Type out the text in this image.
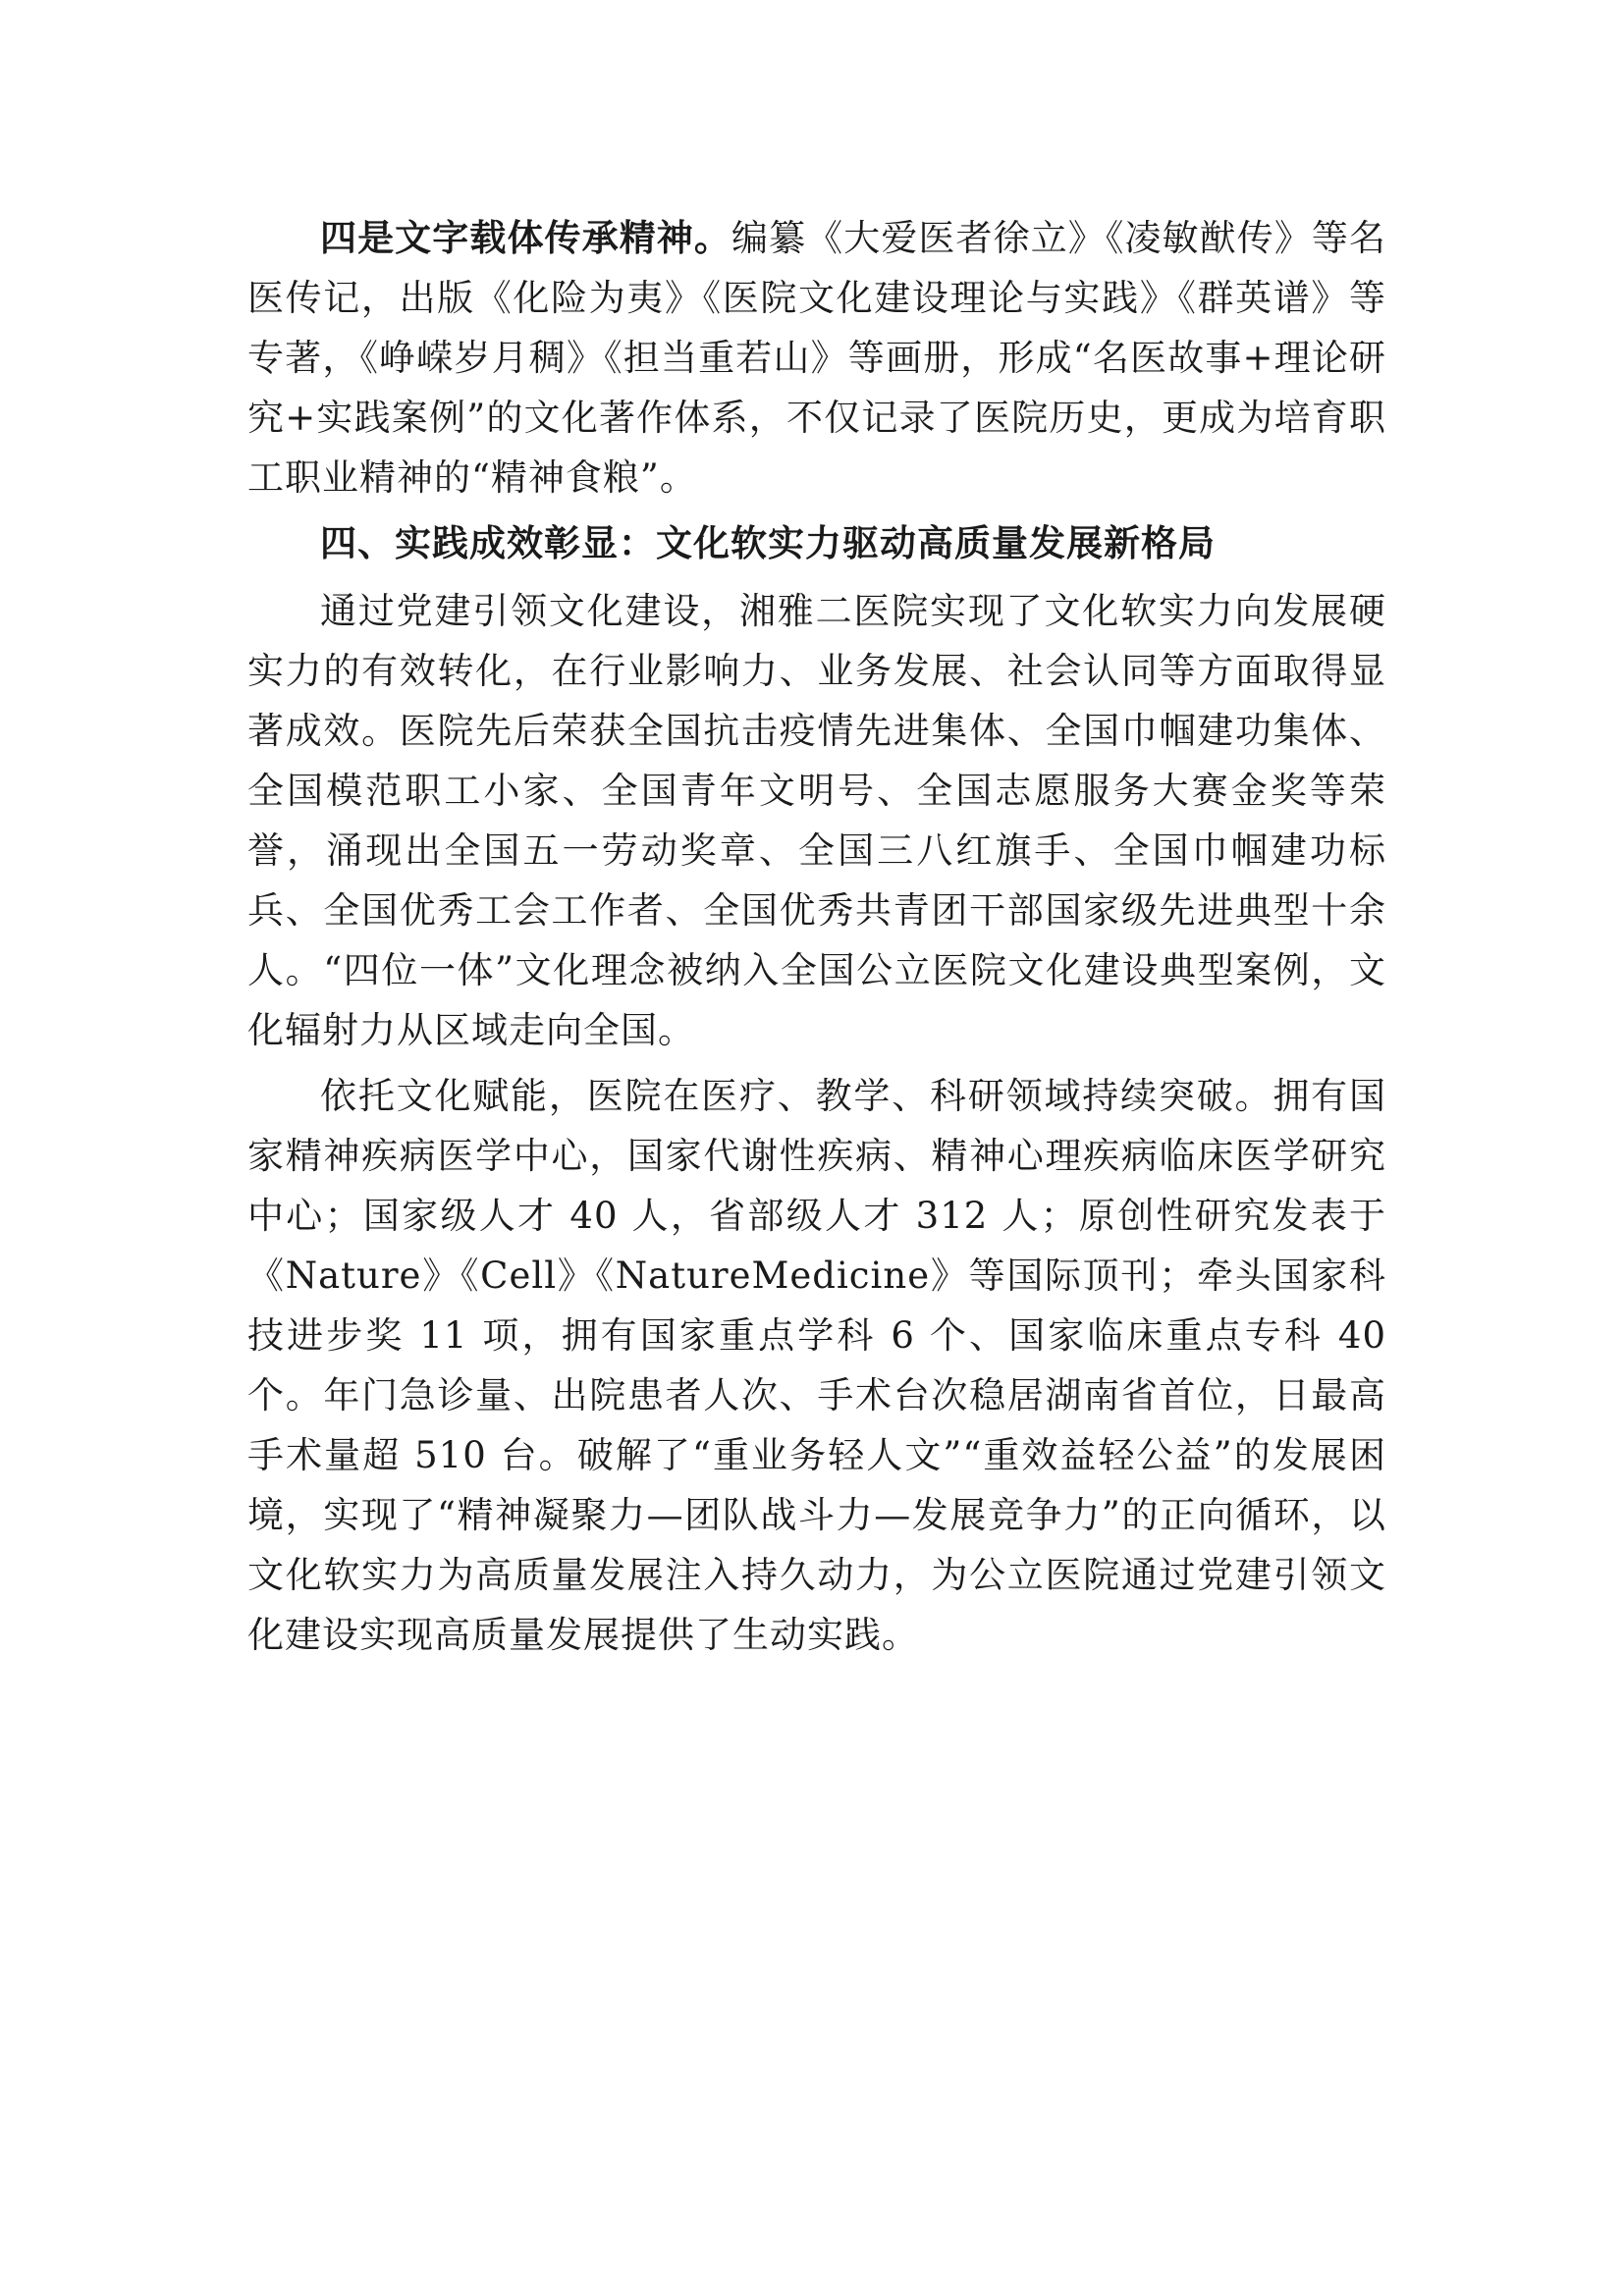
四是文字载体传承精神。编纂《大爱医者徐立》《凌敏猷传》等名医传记，出版《化险为夷》《医院文化建设理论与实践》《群英谱》等专著，《峥嵘岁月稠》《担当重若山》等画册，形成“名医故事+理论研究+实践案例”的文化著作体系，不仅记录了医院历史，更成为培育职工职业精神的“精神食粮”。

四、实践成效彰显：文化软实力驱动高质量发展新格局

通过党建引领文化建设，湘雅二医院实现了文化软实力向发展硬实力的有效转化，在行业影响力、业务发展、社会认同等方面取得显著成效。医院先后荣获全国抗击疫情先进集体、全国巾帼建功集体、全国模范职工小家、全国青年文明号、全国志愿服务大赛金奖等荣誉，涌现出全国五一劳动奖章、全国三八红旗手、全国巾帼建功标兵、全国优秀工会工作者、全国优秀共青团干部国家级先进典型十余人。“四位一体”文化理念被纳入全国公立医院文化建设典型案例，文化辐射力从区域走向全国。

依托文化赋能，医院在医疗、教学、科研领域持续突破。拥有国家精神疾病医学中心，国家代谢性疾病、精神心理疾病临床医学研究中心；国家级人才 40 人，省部级人才 312 人；原创性研究发表于《Nature》《Cell》《NatureMedicine》等国际顶刊；牵头国家科技进步奖 11 项，拥有国家重点学科 6 个、国家临床重点专科 40 个。年门急诊量、出院患者人次、手术台次稳居湖南省首位，日最高手术量超 510 台。破解了“重业务轻人文”“重效益轻公益”的发展困境，实现了“精神凝聚力—团队战斗力—发展竞争力”的正向循环，以文化软实力为高质量发展注入持久动力，为公立医院通过党建引领文化建设实现高质量发展提供了生动实践。
